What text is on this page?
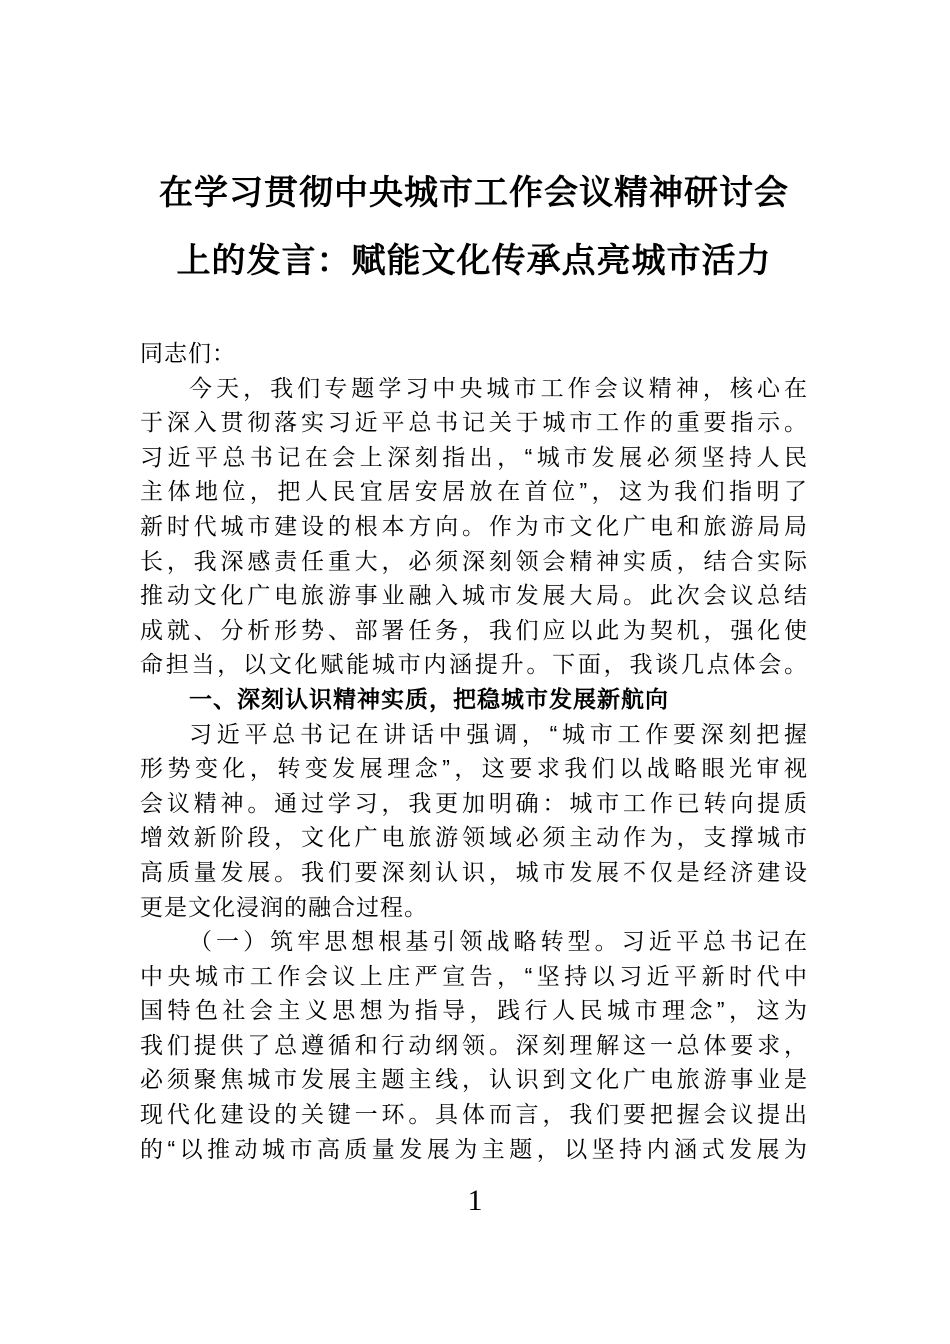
在学习贯彻中央城市工作会议精神研讨会
上的发言：赋能文化传承点亮城市活力
同志们：
今天，我们专题学习中央城市工作会议精神，核心在
于深入贯彻落实习近平总书记关于城市工作的重要指示。
习近平总书记在会上深刻指出，“城市发展必须坚持人民
主体地位，把人民宜居安居放在首位”，这为我们指明了
新时代城市建设的根本方向。作为市文化广电和旅游局局
长，我深感责任重大，必须深刻领会精神实质，结合实际
推动文化广电旅游事业融入城市发展大局。此次会议总结
成就、分析形势、部署任务，我们应以此为契机，强化使
命担当，以文化赋能城市内涵提升。下面，我谈几点体会。
一、深刻认识精神实质，把稳城市发展新航向
习近平总书记在讲话中强调，“城市工作要深刻把握
形势变化，转变发展理念”，这要求我们以战略眼光审视
会议精神。通过学习，我更加明确：城市工作已转向提质
增效新阶段，文化广电旅游领域必须主动作为，支撑城市
高质量发展。我们要深刻认识，城市发展不仅是经济建设
更是文化浸润的融合过程。
（一）筑牢思想根基引领战略转型。习近平总书记在
中央城市工作会议上庄严宣告，“坚持以习近平新时代中
国特色社会主义思想为指导，践行人民城市理念”，这为
我们提供了总遵循和行动纲领。深刻理解这一总体要求，
必须聚焦城市发展主题主线，认识到文化广电旅游事业是
现代化建设的关键一环。具体而言，我们要把握会议提出
的“以推动城市高质量发展为主题，以坚持内涵式发展为
1
